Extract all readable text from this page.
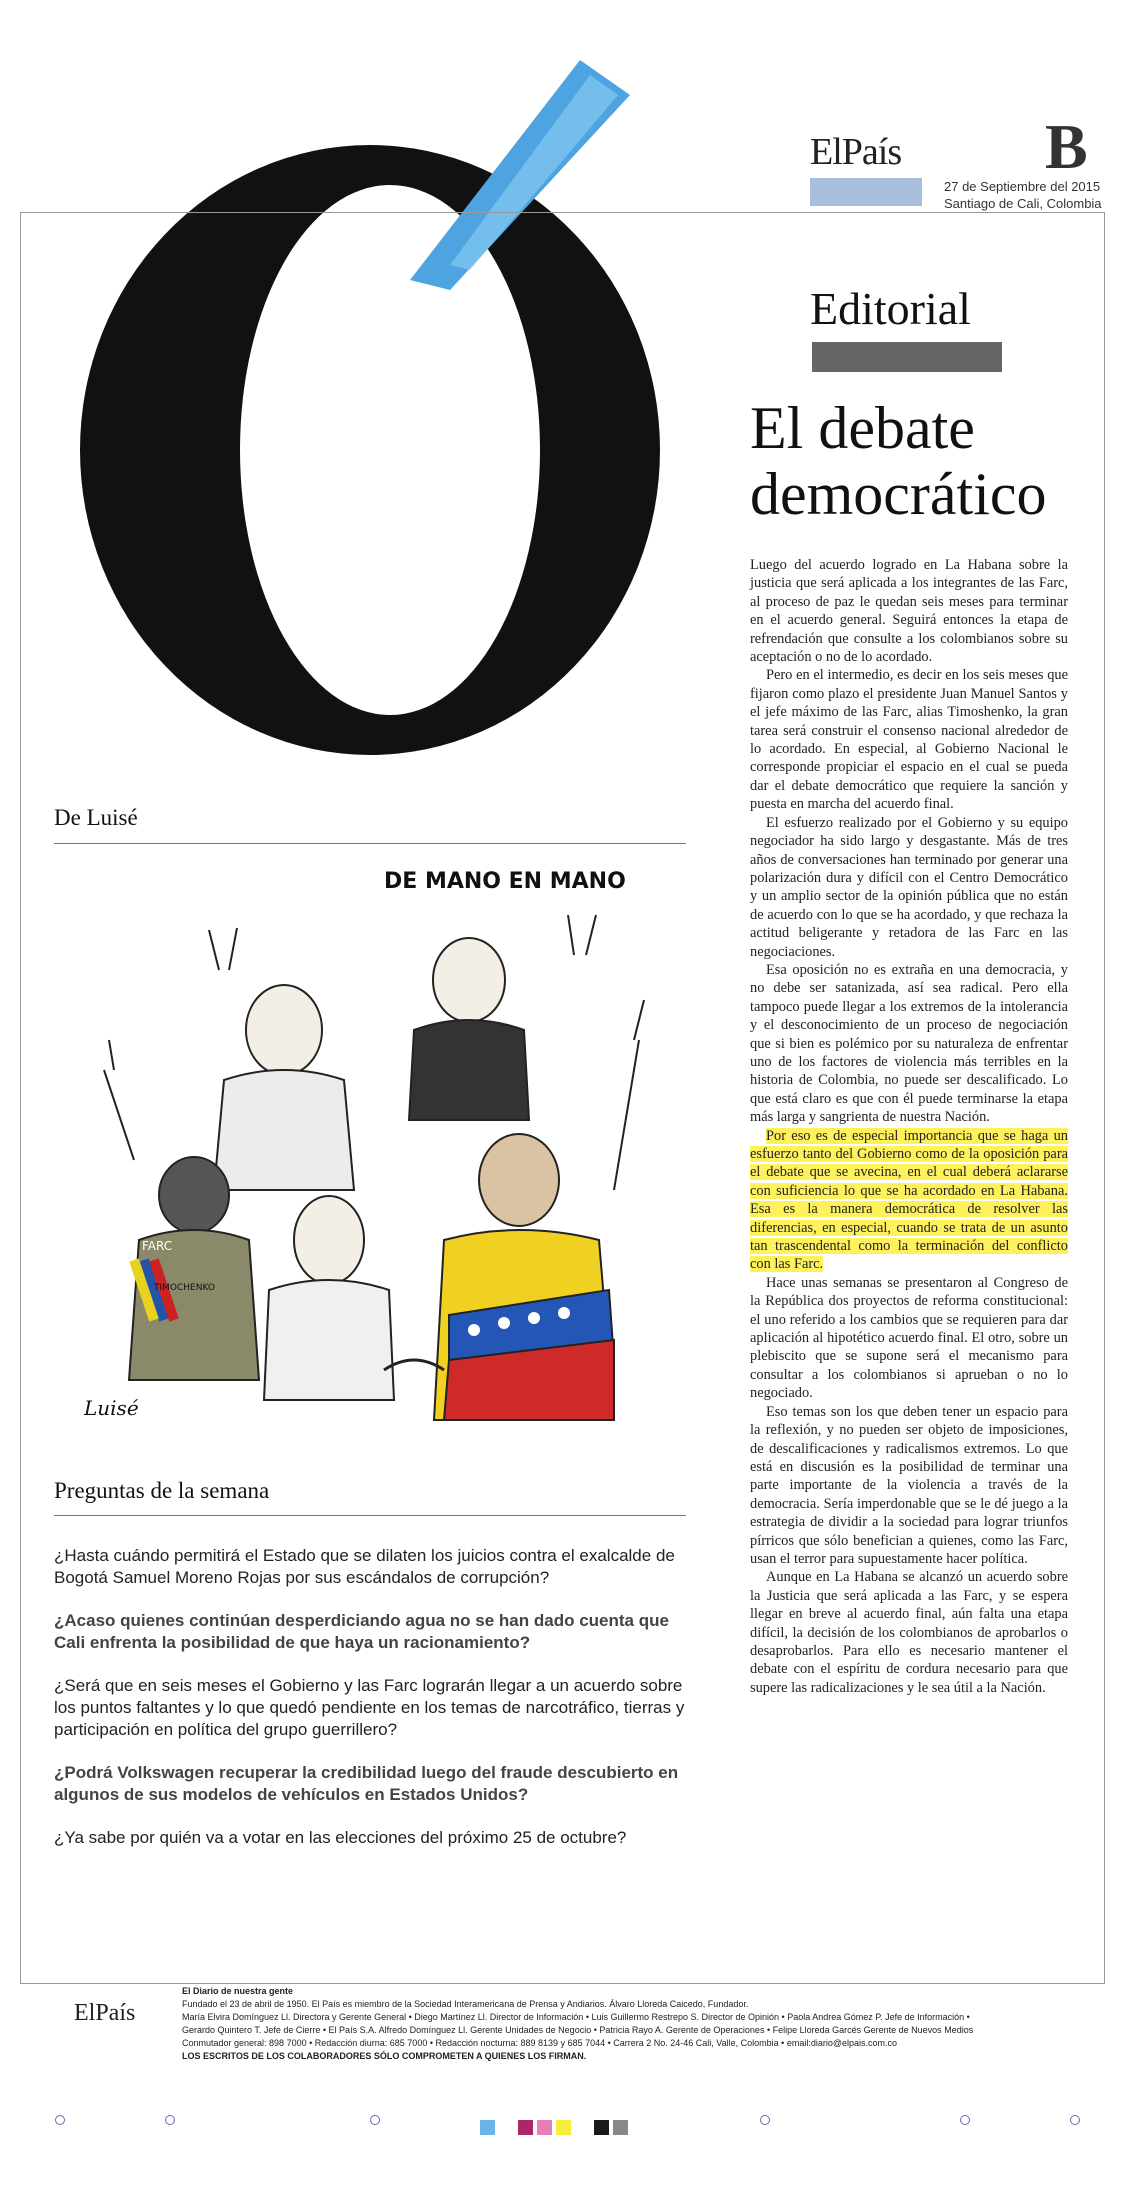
ElPaís	B
27 de Septiembre del 2015
Santiago de Cali, Colombia
Editorial
El debate democrático

Luego del acuerdo logrado en La Habana sobre la justicia que será aplicada a los integrantes de las Farc, al proceso de paz le quedan seis meses para terminar en el acuerdo general. Seguirá entonces la etapa de refrendación que consulte a los colombianos sobre su aceptación o no de lo acordado.

Pero en el intermedio, es decir en los seis meses que fijaron como plazo el presidente Juan Manuel Santos y el jefe máximo de las Farc, alias Timoshenko, la gran tarea será construir el consenso nacional alrededor de lo acordado. En especial, al Gobierno Nacional le corresponde propiciar el espacio en el cual se pueda dar el debate democrático que requiere la sanción y puesta en marcha del acuerdo final.

El esfuerzo realizado por el Gobierno y su equipo negociador ha sido largo y desgastante. Más de tres años de conversaciones han terminado por generar una polarización dura y difícil con el Centro Democrático y un amplio sector de la opinión pública que no están de acuerdo con lo que se ha acordado, y que rechaza la actitud beligerante y retadora de las Farc en las negociaciones.

Esa oposición no es extraña en una democracia, y no debe ser satanizada, así sea radical. Pero ella tampoco puede llegar a los extremos de la intolerancia y el desconocimiento de un proceso de negociación que si bien es polémico por su naturaleza de enfrentar uno de los factores de violencia más terribles en la historia de Colombia, no puede ser descalificado. Lo que está claro es que con él puede terminarse la etapa más larga y sangrienta de nuestra Nación.

Por eso es de especial importancia que se haga un esfuerzo tanto del Gobierno como de la oposición para el debate que se avecina, en el cual deberá aclararse con suficiencia lo que se ha acordado en La Habana. Esa es la manera democrática de resolver las diferencias, en especial, cuando se trata de un asunto tan trascendental como la terminación del conflicto con las Farc.

Hace unas semanas se presentaron al Congreso de la República dos proyectos de reforma constitucional: el uno referido a los cambios que se requieren para dar aplicación al hipotético acuerdo final. El otro, sobre un plebiscito que se supone será el mecanismo para consultar a los colombianos si aprueban o no lo negociado.

Eso temas son los que deben tener un espacio para la reflexión, y no pueden ser objeto de imposiciones, de descalificaciones y radicalismos extremos. Lo que está en discusión es la posibilidad de terminar una parte importante de la violencia a través de la democracia. Sería imperdonable que se le dé juego a la estrategia de dividir a la sociedad para lograr triunfos pírricos que sólo benefician a quienes, como las Farc, usan el terror para supuestamente hacer política.

Aunque en La Habana se alcanzó un acuerdo sobre la Justicia que será aplicada a las Farc, y se espera llegar en breve al acuerdo final, aún falta una etapa difícil, la decisión de los colombianos de aprobarlos o desaprobarlos. Para ello es necesario mantener el debate con el espíritu de cordura necesario para que supere las radicalizaciones y le sea útil a la Nación.

De Luisé
DE MANO EN MANO
FARC
TIMOCHENKO
Luisé
Preguntas de la semana

¿Hasta cuándo permitirá el Estado que se dilaten los juicios contra el exalcalde de Bogotá Samuel Moreno Rojas por sus escándalos de corrupción?

¿Acaso quienes continúan desperdiciando agua no se han dado cuenta que Cali enfrenta la posibilidad de que haya un racionamiento?

¿Será que en seis meses el Gobierno y las Farc lograrán llegar a un acuerdo sobre los puntos faltantes y lo que quedó pendiente en los temas de narcotráfico, tierras y participación en política del grupo guerrillero?

¿Podrá Volkswagen recuperar la credibilidad luego del fraude descubierto en algunos de sus modelos de vehículos en Estados Unidos?

¿Ya sabe por quién va a votar en las elecciones del próximo 25 de octubre?

ElPaís
El Diario de nuestra gente
Fundado el 23 de abril de 1950. El País es miembro de la Sociedad Interamericana de Prensa y Andiarios. Álvaro Lloreda Caicedo, Fundador.
María Elvira Domínguez Ll. Directora y Gerente General • Diego Martínez Ll. Director de Información • Luis Guillermo Restrepo S. Director de Opinión • Paola Andrea Gómez P. Jefe de Información •
Gerardo Quintero T. Jefe de Cierre • El País S.A. Alfredo Domínguez Ll. Gerente Unidades de Negocio • Patricia Rayo A. Gerente de Operaciones • Felipe Lloreda Garcés Gerente de Nuevos Medios
Conmutador general: 898 7000 • Redacción diurna: 685 7000 • Redacción nocturna: 889 8139 y 685 7044 • Carrera 2 No. 24-46 Cali, Valle, Colombia • email:diario@elpais.com.co
LOS ESCRITOS DE LOS COLABORADORES SÓLO COMPROMETEN A QUIENES LOS FIRMAN.
